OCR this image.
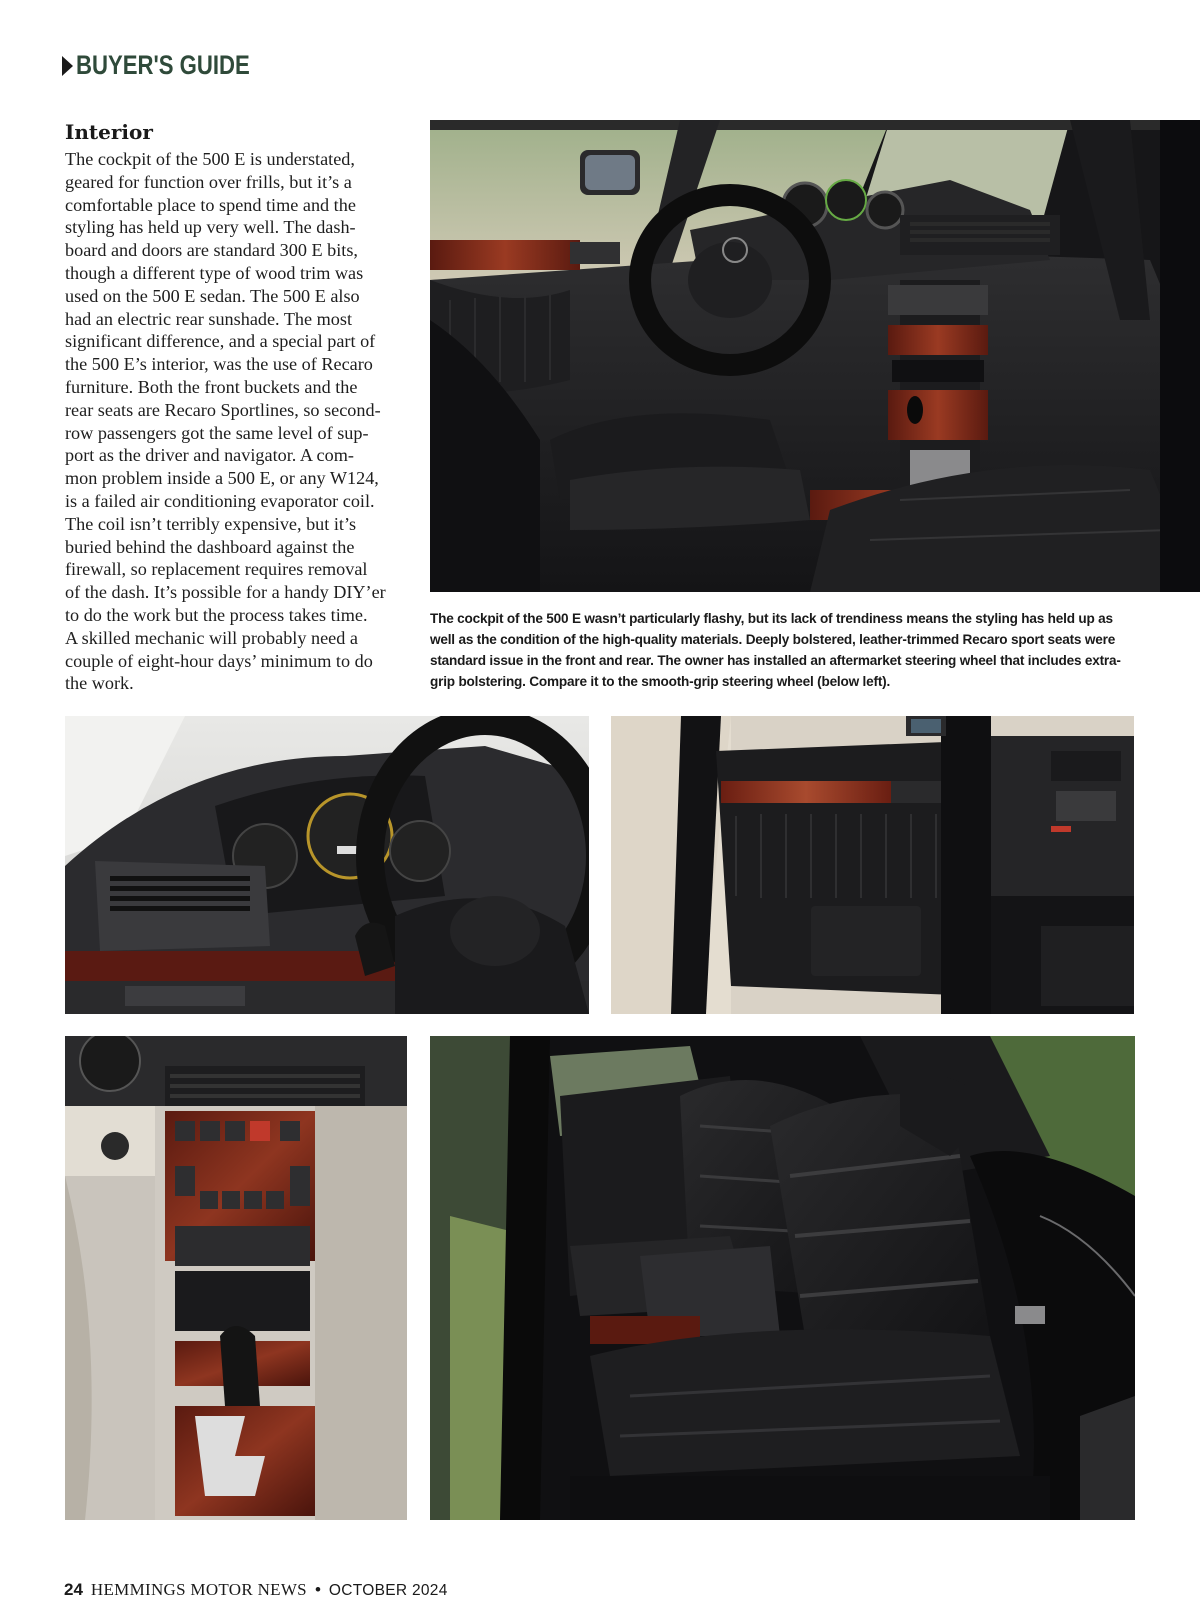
BUYER'S GUIDE
Interior
The cockpit of the 500 E is understated,
geared for function over frills, but it’s a
comfortable place to spend time and the
styling has held up very well. The dash-
board and doors are standard 300 E bits,
though a different type of wood trim was
used on the 500 E sedan. The 500 E also
had an electric rear sunshade. The most
significant difference, and a special part of
the 500 E’s interior, was the use of Recaro
furniture. Both the front buckets and the
rear seats are Recaro Sportlines, so second-
row passengers got the same level of sup-
port as the driver and navigator. A com-
mon problem inside a 500 E, or any W124,
is a failed air conditioning evaporator coil.
The coil isn’t terribly expensive, but it’s
buried behind the dashboard against the
firewall, so replacement requires removal
of the dash. It’s possible for a handy DIY’er
to do the work but the process takes time.
A skilled mechanic will probably need a
couple of eight-hour days’ minimum to do
the work.
The cockpit of the 500 E wasn’t particularly flashy, but its lack of trendiness means the styling has held up as
well as the condition of the high-quality materials. Deeply bolstered, leather-trimmed Recaro sport seats were
standard issue in the front and rear. The owner has installed an aftermarket steering wheel that includes extra-
grip bolstering. Compare it to the smooth-grip steering wheel (below left).
24 HEMMINGS MOTOR NEWS • OCTOBER 2024
